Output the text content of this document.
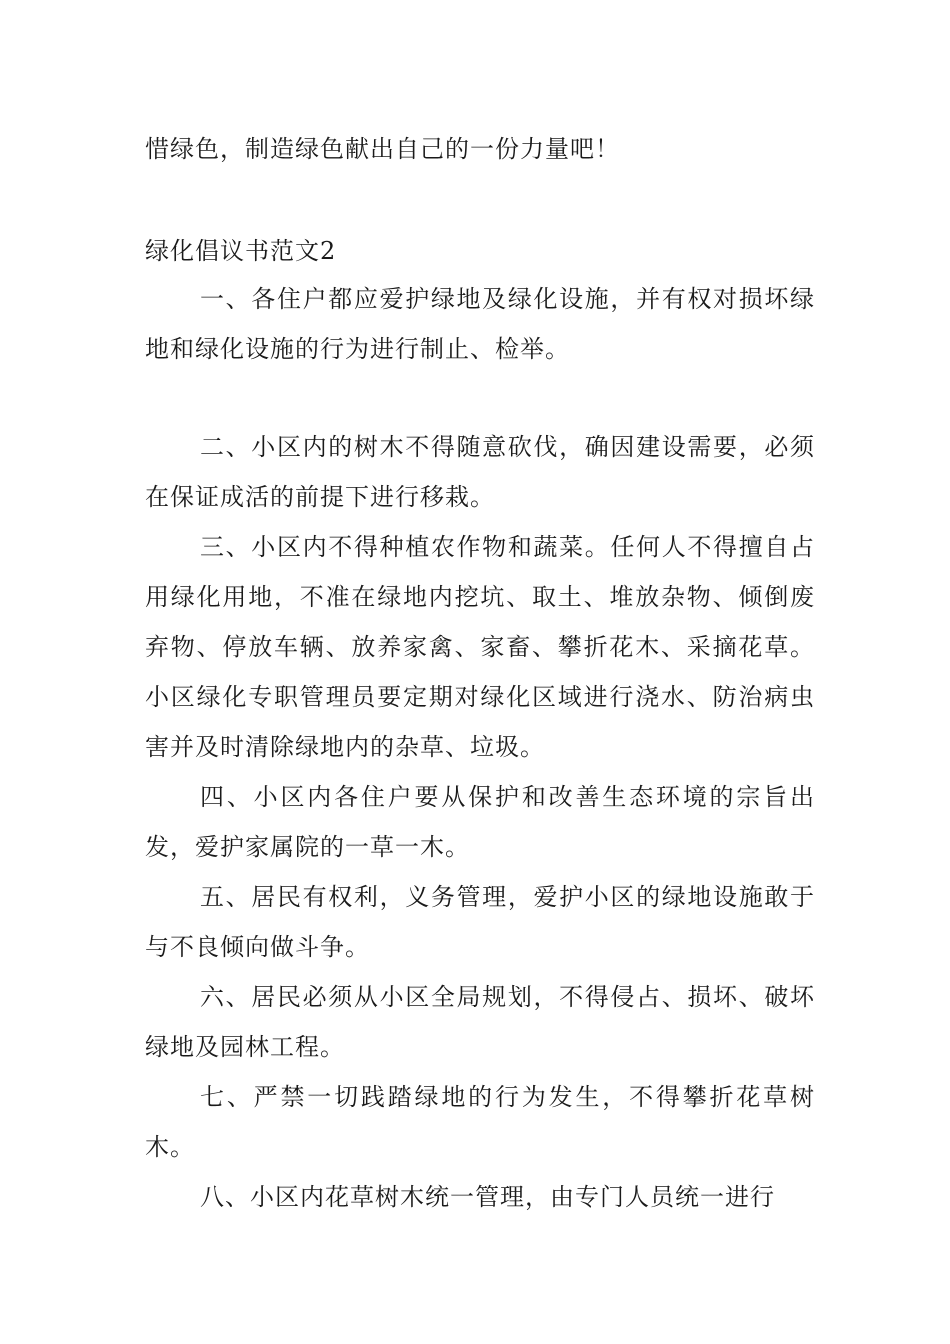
惜绿色，制造绿色献出自己的一份力量吧！

绿化倡议书范文2

一、各住户都应爱护绿地及绿化设施，并有权对损坏绿地和绿化设施的行为进行制止、检举。

二、小区内的树木不得随意砍伐，确因建设需要，必须在保证成活的前提下进行移栽。

三、小区内不得种植农作物和蔬菜。任何人不得擅自占用绿化用地，不准在绿地内挖坑、取土、堆放杂物、倾倒废弃物、停放车辆、放养家禽、家畜、攀折花木、采摘花草。小区绿化专职管理员要定期对绿化区域进行浇水、防治病虫害并及时清除绿地内的杂草、垃圾。

四、小区内各住户要从保护和改善生态环境的宗旨出发，爱护家属院的一草一木。

五、居民有权利，义务管理，爱护小区的绿地设施敢于与不良倾向做斗争。

六、居民必须从小区全局规划，不得侵占、损坏、破坏绿地及园林工程。

七、严禁一切践踏绿地的行为发生，不得攀折花草树木。

八、小区内花草树木统一管理，由专门人员统一进行
